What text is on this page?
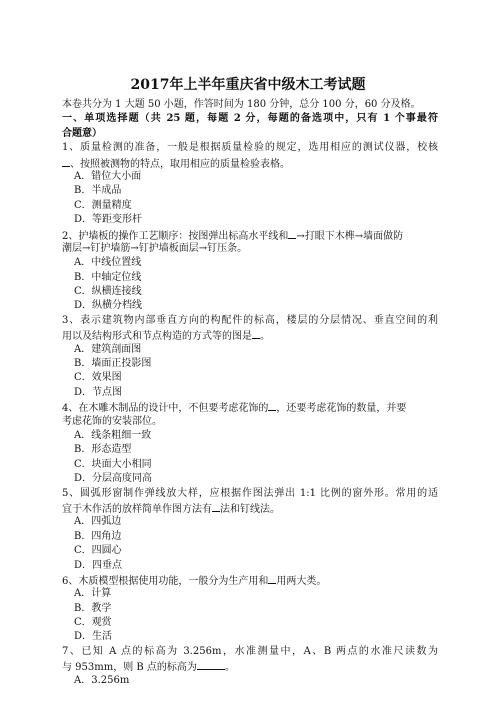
2017年上半年重庆省中级木工考试题
本卷共分为 1 大题 50 小题，作答时间为 180 分钟，总分 100 分，60 分及格。
一、单项选择题（共 25 题，每题 2 分，每题的备选项中，只有 1 个事最符
合题意）
1、质量检测的准备，一般是根据质量检验的规定，选用相应的测试仪器，校核
、按照被测物的特点，取用相应的质量检验表格。
A．错位大小面
B．半成品
C．测量精度
D．等距变形杆
2、护墙板的操作工艺顺序：按图弹出标高水平线和 →打眼下木榫→墙面做防
潮层→钉护墙筋→钉护墙板面层→钉压条。
A．中线位置线
B．中轴定位线
C．纵横连接线
D．纵横分档线
3、表示建筑物内部垂直方向的构配件的标高，楼层的分层情况、垂直空间的利
用以及结构形式和节点构造的方式等的图是 。
A．建筑剖面图
B．墙面正投影图
C．效果图
D．节点图
4、在木雕木制品的设计中，不但要考虑花饰的 ，还要考虑花饰的数量，并要
考虑花饰的安装部位。
A．线条粗细一致
B．形态造型
C．块面大小相同
D．分层高度同高
5、圆弧形窗制作弹线放大样，应根据作图法弹出 1:1 比例的窗外形。常用的适
宜于木作活的放样简单作图方法有 法和钉线法。
A．四弧边
B．四角边
C．四圆心
D．四垂点
6、木质模型根据使用功能，一般分为生产用和 用两大类。
A．计算
B．教学
C．观赏
D．生活
7、已知 A 点的标高为 3.256m，水准测量中，A、B 两点的水准尺读数为
与 953mm，则 B 点的标高为	。
A．3.256m
